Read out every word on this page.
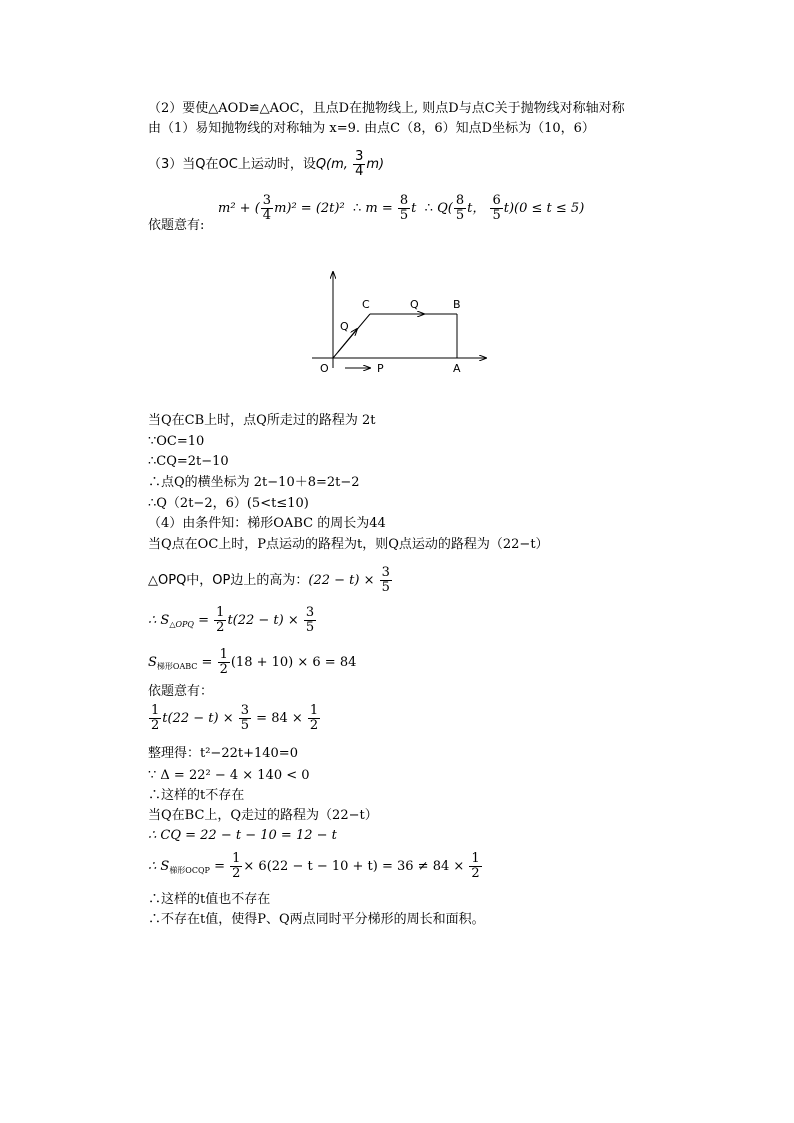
（2）要使△AOD≌△AOC，且点D在抛物线上, 则点D与点C关于抛物线对称轴对称
由（1）易知抛物线的对称轴为 x=9. 由点C（8，6）知点D坐标为（10，6）
（3）当Q在OC上运动时，设Q(m, $\frac{3}{4} m$)
依题意有:
m² + ( $\frac{3}{4} m)^2 = (2t)^2$ ∴ $m = \frac{8}{5}$ t ∴ $Q( \frac{8}{5}$ t， $\frac{6}{5} t)(0 \le t \le 5)$
C	Q	B
Q
O	P	A
当Q在CB上时，点Q所走过的路程为 2t
∵OC=10
∴CQ=2t−10
∴点Q的横坐标为 2t−10＋8=2t−2
∴Q（2t−2，6）(5<t≤10)
（4）由条件知：梯形OABC 的周长为44
当Q点在OC上时，P点运动的路程为t，则Q点运动的路程为（22−t）
△OPQ中，OP边上的高为：$(22 - t) \times \frac{3}{5}$
∴ $S_{\triangle OPQ} = \frac{1}{2} t(22 - t) \times \frac{3}{5}$
$S_{梯形OABC} = \frac{1}{2} (18 + 10) \times 6 = 84$
依题意有：
$\frac{1}{2} t(22 - t) \times \frac{3}{5} = 84 \times \frac{1}{2}$
整理得：t²−22t+140=0
∵ Δ = 22² − 4 × 140 < 0
∴这样的t不存在
当Q在BC上，Q走过的路程为（22−t）
∴ CQ = 22 − t − 10 = 12 − t
∴ $S_{梯形OCQP} = \frac{1}{2} \times 6(22 - t - 10 + t) = 36 \ne 84 \times \frac{1}{2}$
∴这样的t值也不存在
∴不存在t值，使得P、Q两点同时平分梯形的周长和面积。
